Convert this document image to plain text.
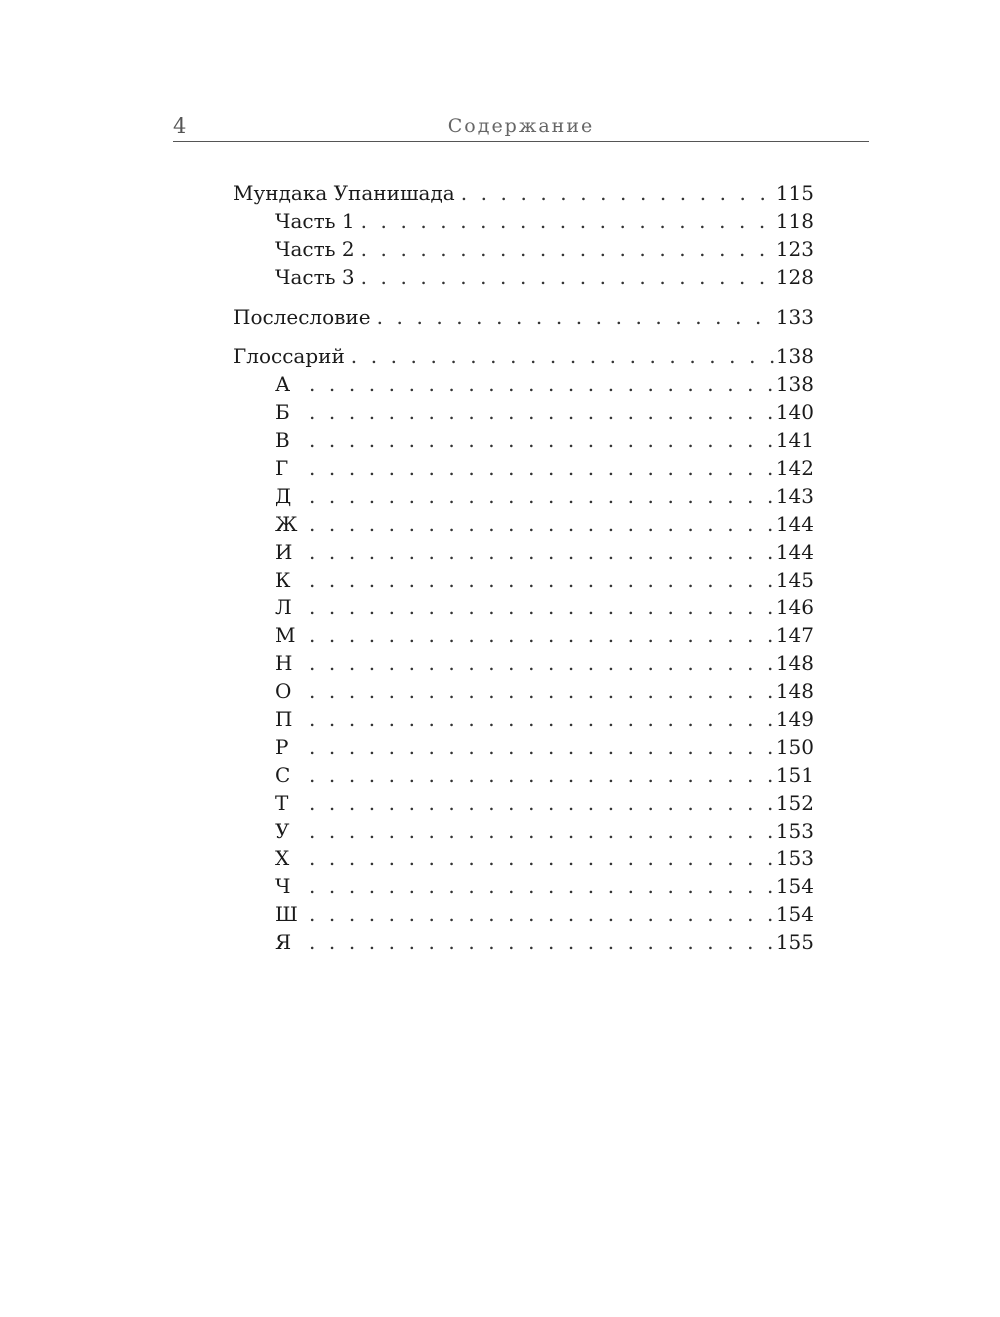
4	Содержание
Мундака Упанишада . . .	115
Часть 1 . . .	118
Часть 2 . . .	123
Часть 3 . . .	128
Послесловие . . .	133
Глоссарий . . .	138
А . . .	138
Б . . .	140
В . . .	141
Г . . .	142
Д . . .	143
Ж . . .	144
И . . .	144
К . . .	145
Л . . .	146
М . . .	147
Н . . .	148
О . . .	148
П . . .	149
Р . . .	150
С . . .	151
Т . . .	152
У . . .	153
Х . . .	153
Ч . . .	154
Ш . . .	154
Я . . .	155
